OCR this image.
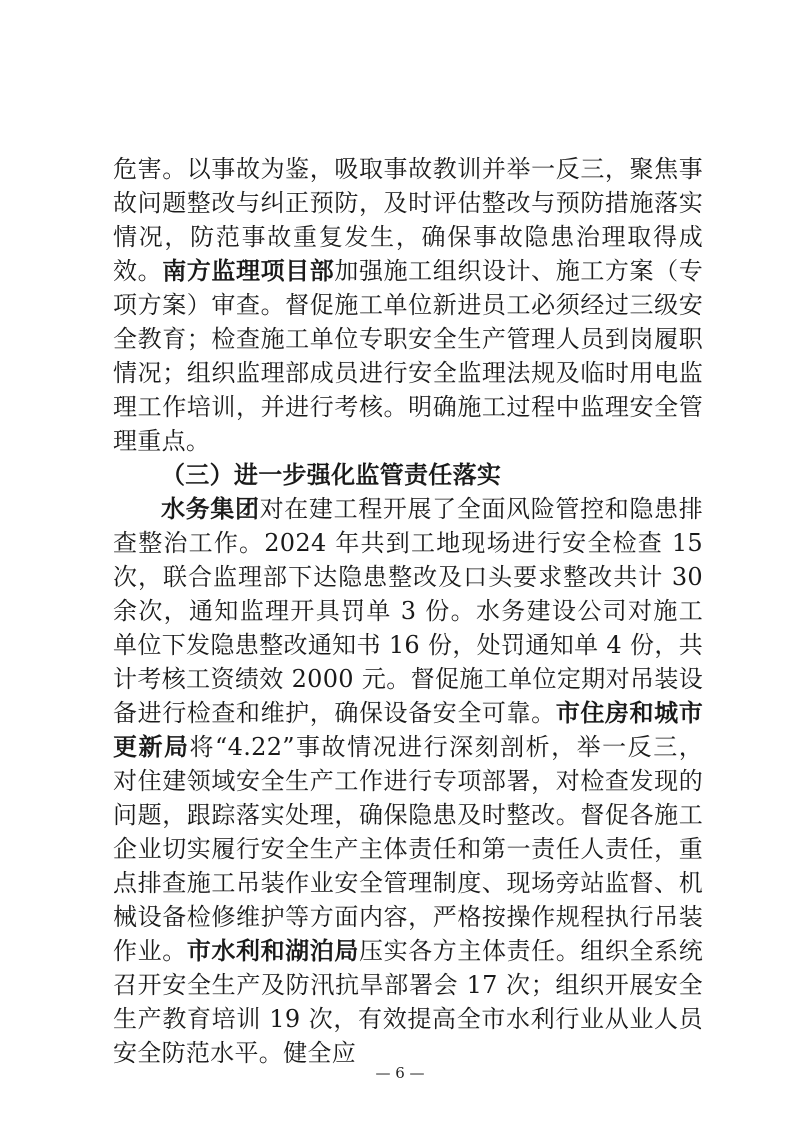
危害。以事故为鉴，吸取事故教训并举一反三，聚焦事故问题整改与纠正预防，及时评估整改与预防措施落实情况，防范事故重复发生，确保事故隐患治理取得成效。南方监理项目部加强施工组织设计、施工方案（专项方案）审查。督促施工单位新进员工必须经过三级安全教育；检查施工单位专职安全生产管理人员到岗履职情况；组织监理部成员进行安全监理法规及临时用电监理工作培训，并进行考核。明确施工过程中监理安全管理重点。

（三）进一步强化监管责任落实

水务集团对在建工程开展了全面风险管控和隐患排查整治工作。2024 年共到工地现场进行安全检查 15 次，联合监理部下达隐患整改及口头要求整改共计 30 余次，通知监理开具罚单 3 份。水务建设公司对施工单位下发隐患整改通知书 16 份，处罚通知单 4 份，共计考核工资绩效 2000 元。督促施工单位定期对吊装设备进行检查和维护，确保设备安全可靠。市住房和城市更新局将“4.22”事故情况进行深刻剖析，举一反三，对住建领域安全生产工作进行专项部署，对检查发现的问题，跟踪落实处理，确保隐患及时整改。督促各施工企业切实履行安全生产主体责任和第一责任人责任，重点排查施工吊装作业安全管理制度、现场旁站监督、机械设备检修维护等方面内容，严格按操作规程执行吊装作业。市水利和湖泊局压实各方主体责任。组织全系统召开安全生产及防汛抗旱部署会 17 次；组织开展安全生产教育培训 19 次，有效提高全市水利行业从业人员安全防范水平。健全应

— 6 —
